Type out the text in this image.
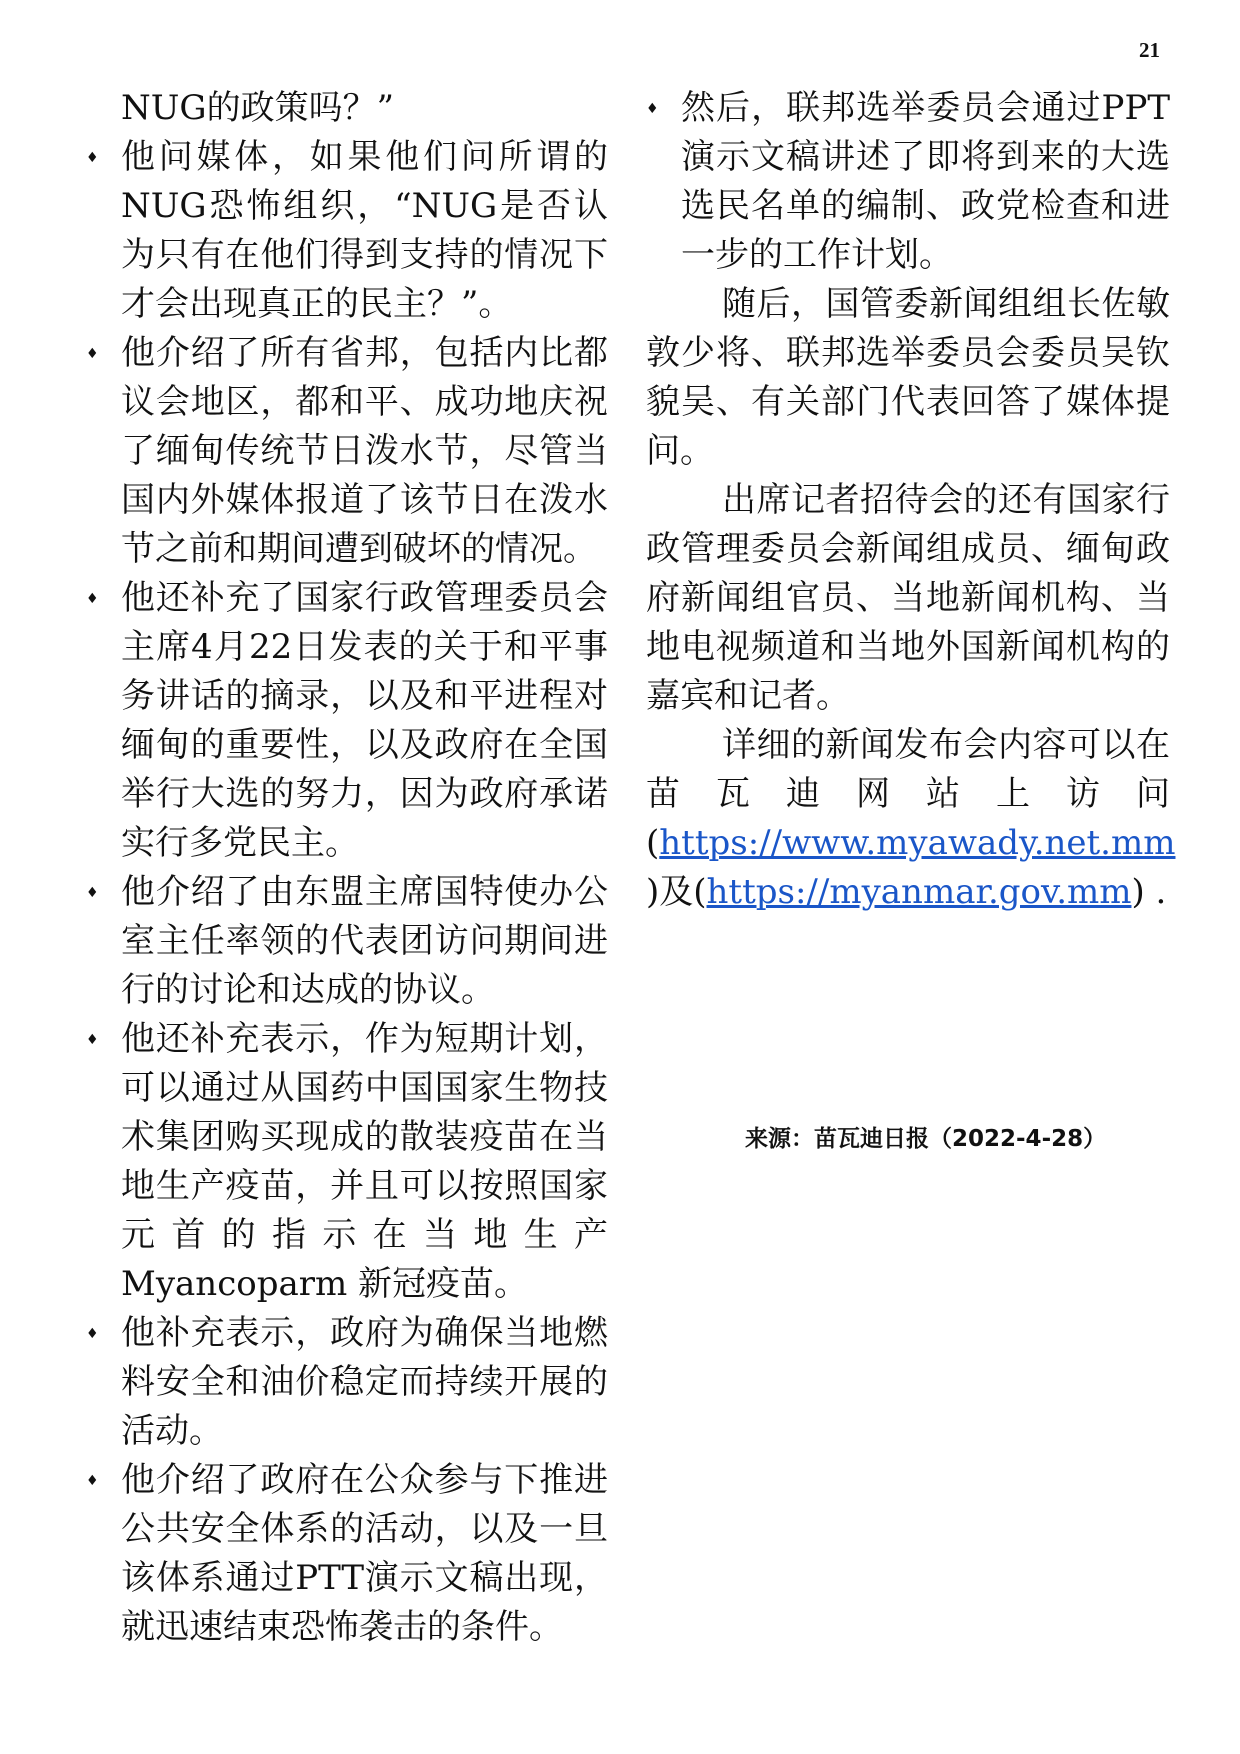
21

NUG的政策吗？”

♦ 他问媒体，如果他们问所谓的NUG恐怖组织，“NUG是否认为只有在他们得到支持的情况下才会出现真正的民主？”。
♦ 他介绍了所有省邦，包括内比都议会地区，都和平、成功地庆祝了缅甸传统节日泼水节，尽管当国内外媒体报道了该节日在泼水节之前和期间遭到破坏的情况。
♦ 他还补充了国家行政管理委员会主席4月22日发表的关于和平事务讲话的摘录，以及和平进程对缅甸的重要性，以及政府在全国举行大选的努力，因为政府承诺实行多党民主。
♦ 他介绍了由东盟主席国特使办公室主任率领的代表团访问期间进行的讨论和达成的协议。
♦ 他还补充表示，作为短期计划，可以通过从国药中国国家生物技术集团购买现成的散装疫苗在当地生产疫苗，并且可以按照国家元首的指示在当地生产Myancoparm 新冠疫苗。
♦ 他补充表示，政府为确保当地燃料安全和油价稳定而持续开展的活动。
♦ 他介绍了政府在公众参与下推进公共安全体系的活动，以及一旦该体系通过PTT演示文稿出现，就迅速结束恐怖袭击的条件。
♦ 然后，联邦选举委员会通过PPT演示文稿讲述了即将到来的大选选民名单的编制、政党检查和进一步的工作计划。

随后，国管委新闻组组长佐敏敦少将、联邦选举委员会委员吴钦貌吴、有关部门代表回答了媒体提问。

出席记者招待会的还有国家行政管理委员会新闻组成员、缅甸政府新闻组官员、当地新闻机构、当地电视频道和当地外国新闻机构的嘉宾和记者。

详细的新闻发布会内容可以在苗瓦迪网站上访问(https://www.myawady.net.mm )及(https://myanmar.gov.mm) .

来源：苗瓦迪日报（2022-4-28）
